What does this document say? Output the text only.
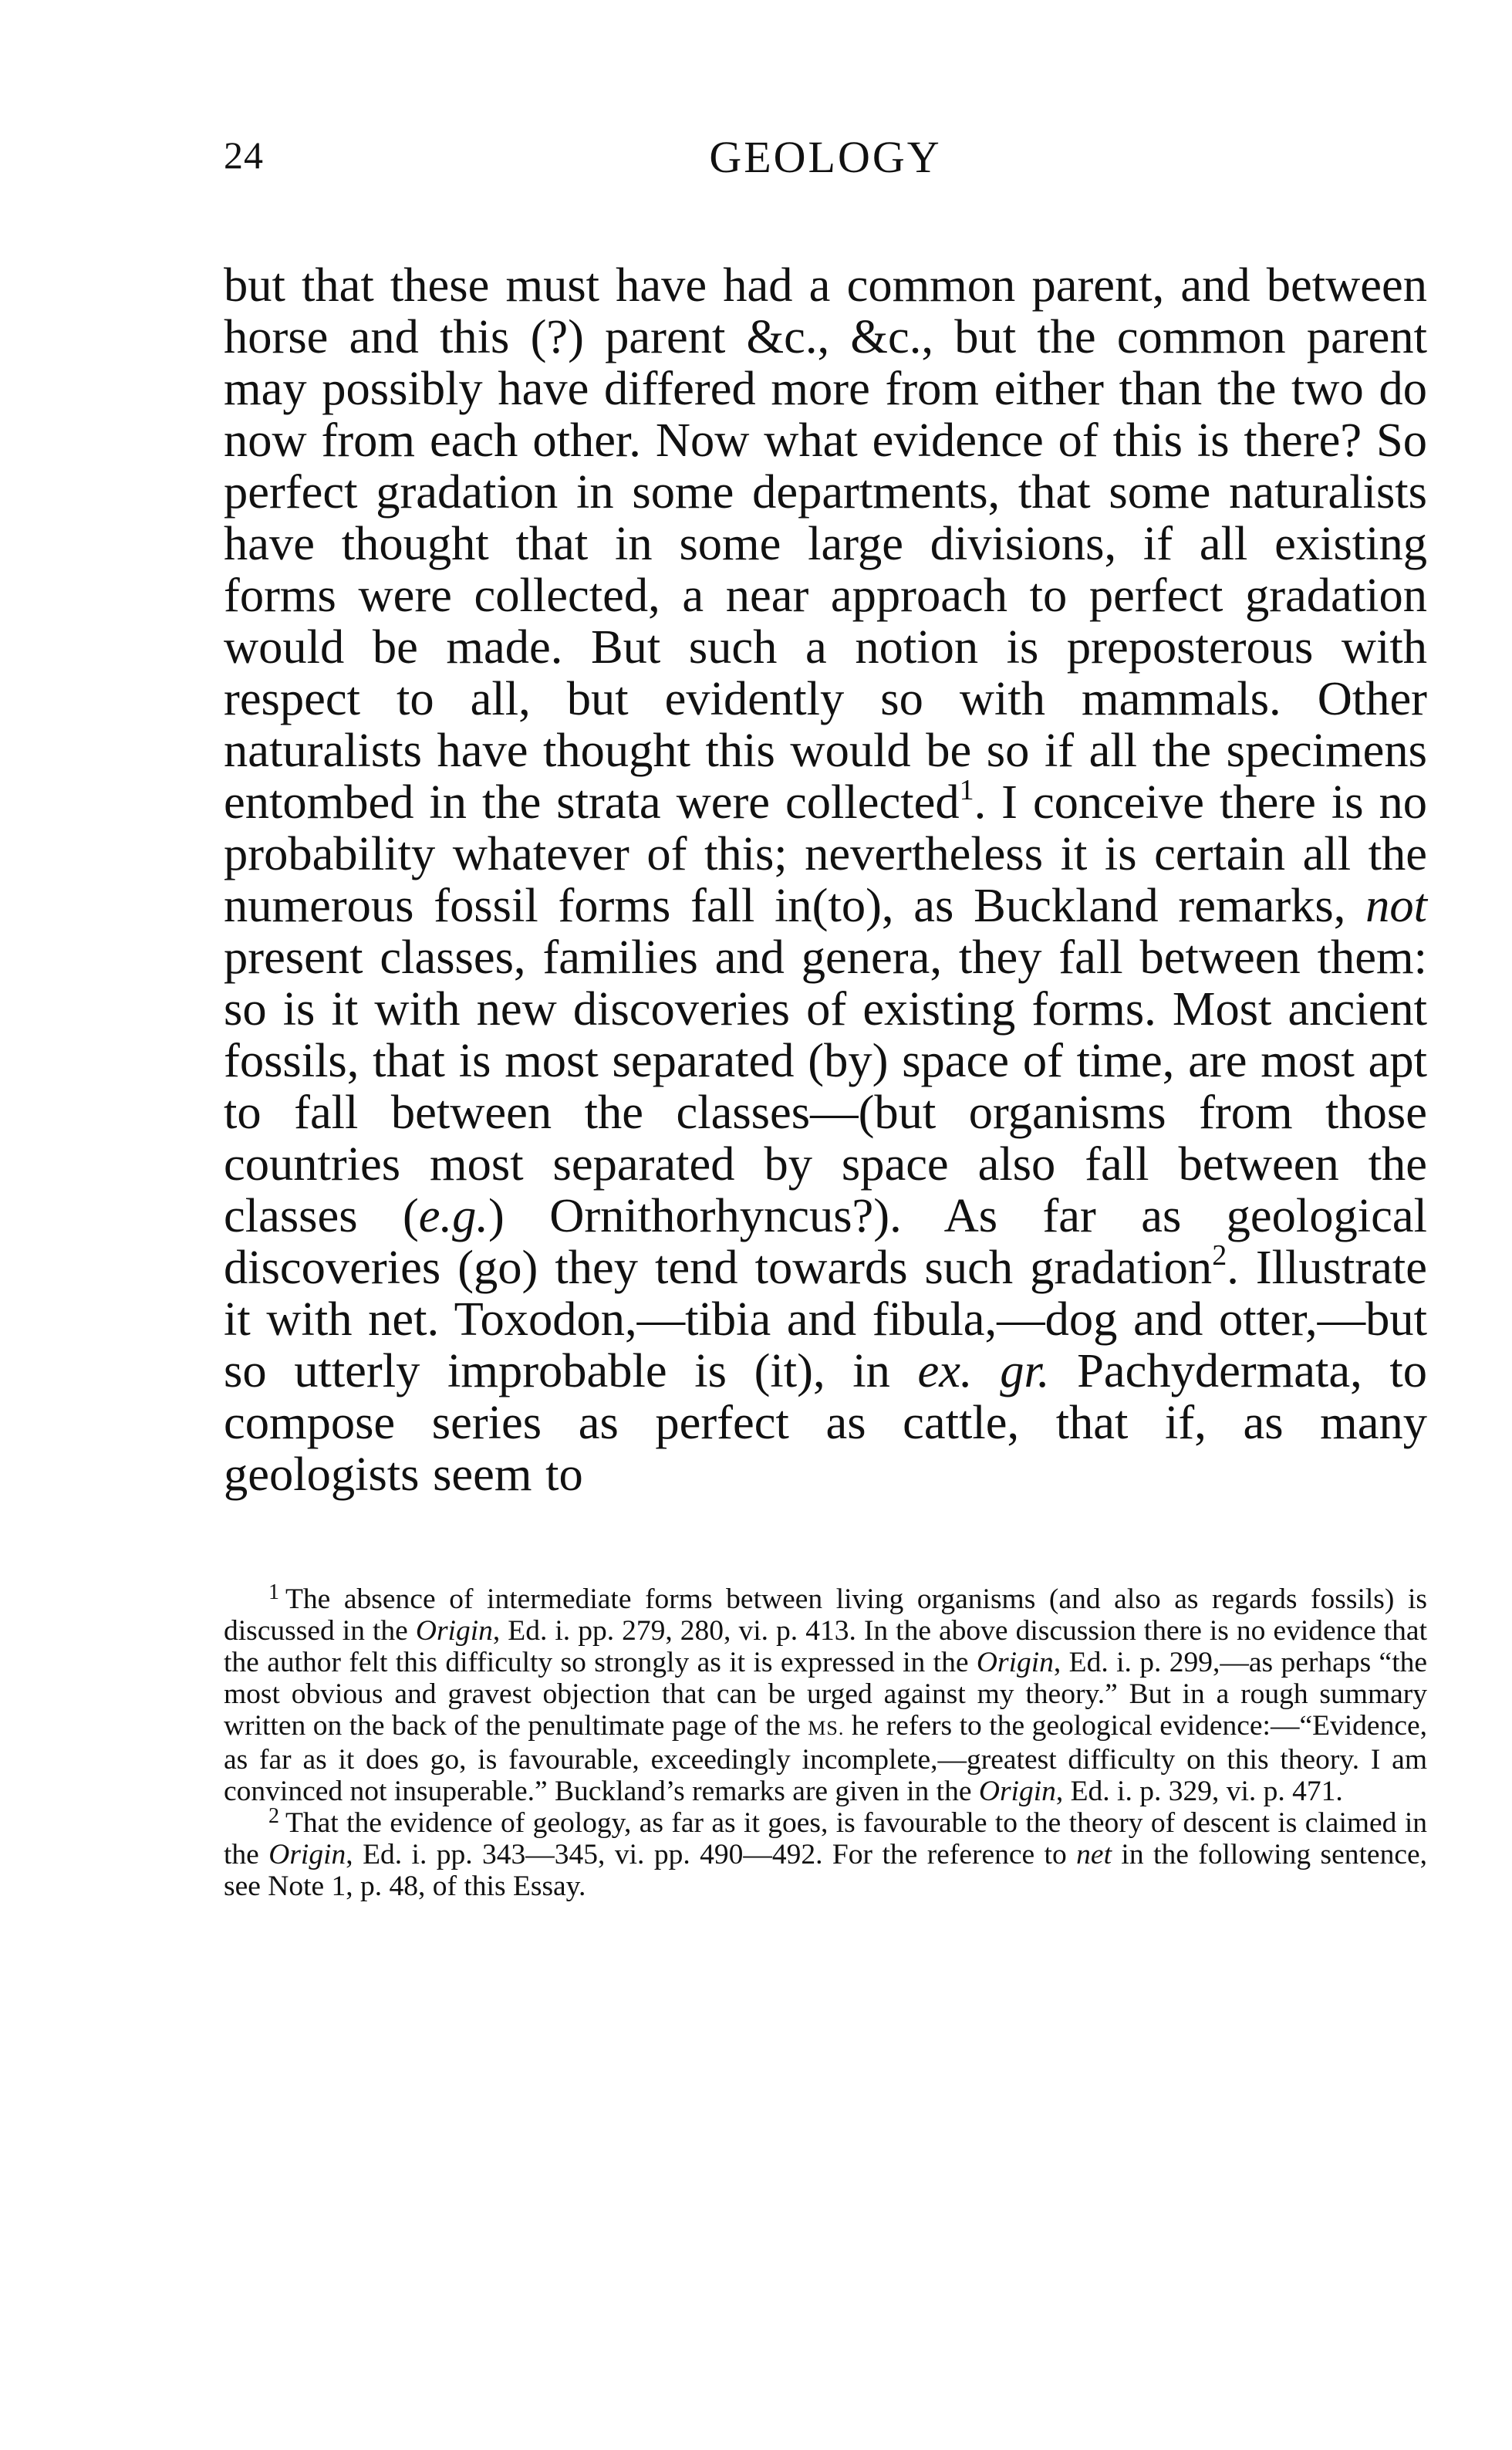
24	GEOLOGY

but that these must have had a common parent, and between horse and this (?) parent &c., &c., but the common parent may possibly have differed more from either than the two do now from each other. Now what evidence of this is there? So perfect gradation in some departments, that some naturalists have thought that in some large divisions, if all existing forms were collected, a near approach to perfect gradation would be made. But such a notion is preposterous with respect to all, but evidently so with mammals. Other naturalists have thought this would be so if all the specimens entombed in the strata were collected$^1$. I conceive there is no probability whatever of this; nevertheless it is certain all the numerous fossil forms fall in(to), as Buckland remarks, not present classes, families and genera, they fall between them: so is it with new discoveries of existing forms. Most ancient fossils, that is most separated (by) space of time, are most apt to fall between the classes—(but organisms from those countries most separated by space also fall between the classes (e.g.) Ornithorhyncus?). As far as geological discoveries (go) they tend towards such gradation$^2$. Illustrate it with net. Toxodon,—tibia and fibula,—dog and otter,—but so utterly improbable is (it), in ex. gr. Pachydermata, to compose series as perfect as cattle, that if, as many geologists seem to

$^1$ The absence of intermediate forms between living organisms (and also as regards fossils) is discussed in the Origin, Ed. i. pp. 279, 280, vi. p. 413. In the above discussion there is no evidence that the author felt this difficulty so strongly as it is expressed in the Origin, Ed. i. p. 299,—as perhaps “the most obvious and gravest objection that can be urged against my theory.” But in a rough summary written on the back of the penultimate page of the MS. he refers to the geological evidence:—“Evidence, as far as it does go, is favourable, exceedingly incomplete,—greatest difficulty on this theory. I am convinced not insuperable.” Buckland’s remarks are given in the Origin, Ed. i. p. 329, vi. p. 471.

$^2$ That the evidence of geology, as far as it goes, is favourable to the theory of descent is claimed in the Origin, Ed. i. pp. 343—345, vi. pp. 490—492. For the reference to net in the following sentence, see Note 1, p. 48, of this Essay.
